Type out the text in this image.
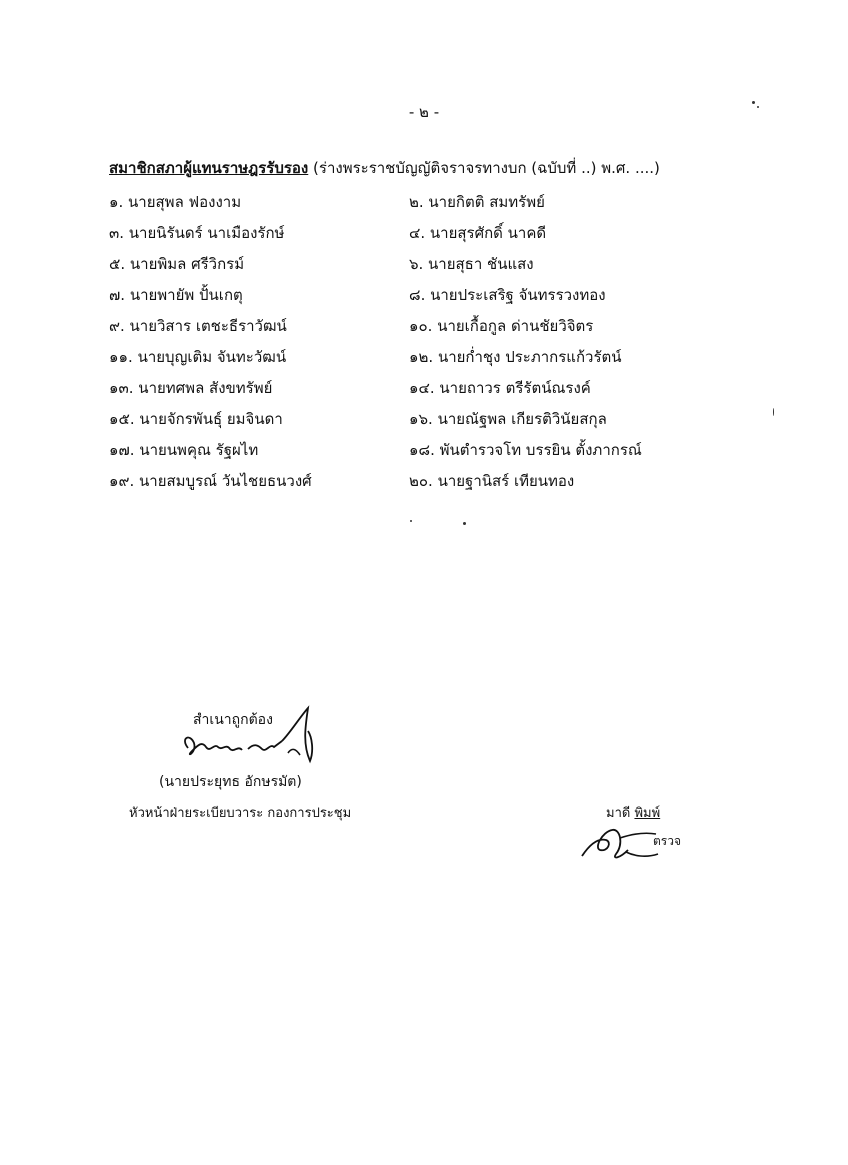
- ๒ -
สมาชิกสภาผู้แทนราษฎรรับรอง (ร่างพระราชบัญญัติจราจรทางบก (ฉบับที่ ..) พ.ศ. ....)
๑. นายสุพล ฟองงาม	๒. นายกิตติ สมทรัพย์
๓. นายนิรันดร์ นาเมืองรักษ์	๔. นายสุรศักดิ์ นาคดี
๕. นายพิมล ศรีวิกรม์	๖. นายสุธา ชันแสง
๗. นายพายัพ ปั้นเกตุ	๘. นายประเสริฐ จันทรรวงทอง
๙. นายวิสาร เตชะธีราวัฒน์	๑๐. นายเกื้อกูล ด่านชัยวิจิตร
๑๑. นายบุญเติม จันทะวัฒน์	๑๒. นายก่ำชุง ประภากรแก้วรัตน์
๑๓. นายทศพล สังขทรัพย์	๑๔. นายถาวร ตรีรัตน์ณรงค์
๑๕. นายจักรพันธุ์ ยมจินดา	๑๖. นายณัฐพล เกียรติวินัยสกุล
๑๗. นายนพคุณ รัฐผไท	๑๘. พันตำรวจโท บรรยิน ตั้งภากรณ์
๑๙. นายสมบูรณ์ วันไชยธนวงศ์	๒๐. นายฐานิสร์ เทียนทอง
สำเนาถูกต้อง
(นายประยุทธ อักษรมัต)
หัวหน้าฝ่ายระเบียบวาระ กองการประชุม	มาดี พิมพ์
ตรวจ
